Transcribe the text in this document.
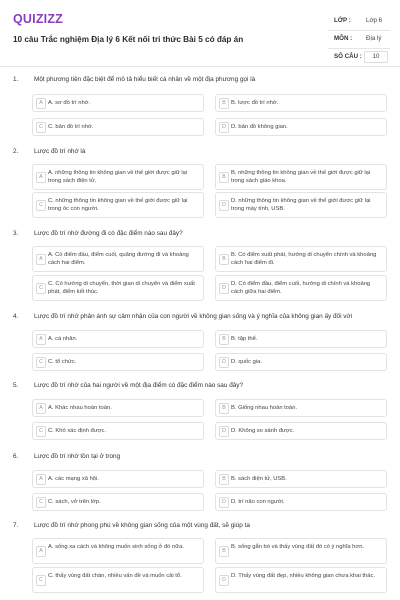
QUIZIZZ
10 câu Trắc nghiệm Địa lý 6 Kết nối tri thức Bài 5 có đáp án
LỚP : Lớp 6
MÔN : Địa lý
SỐ CÂU :	10
1. Một phương tiện đặc biệt để mô tả hiểu biết cá nhân về một địa phương gọi là
A A. sơ đồ trí nhớ.	B B. lược đồ trí nhớ.
C C. bản đồ trí nhớ.	D D. bản đồ không gian.
2. Lược đồ trí nhớ là
A
A. những thông tin không gian về thế giới được giữ lại trong sách điện tử.
B
B. những thông tin không gian về thế giới được giữ lại trong sách giáo khoa.
C
C. những thông tin không gian về thế giới được giữ lại trong óc con người.
D
D. những thông tin không gian về thế giới được giữ lại trong máy tính, USB.
3. Lược đồ trí nhớ đường đi có đặc điểm nào sau đây?
A
A. Có điểm đầu, điểm cuối, quãng đường đi và khoảng cách hai điểm.
B
B. Có điểm xuất phát, hướng di chuyển chính và khoảng cách hai điểm đi.
C
C. Có hướng di chuyển, thời gian di chuyển và điểm xuất phát, điểm kết thúc.
D
D. Có điểm đầu, điểm cuối, hướng di chính và khoảng cách giữa hai điểm.
4. Lược đồ trí nhớ phản ánh sự cảm nhận của con người về không gian sống và ý nghĩa của không gian ấy đối với
A A. cá nhân.	B B. tập thể.
C C. tổ chức.	D D. quốc gia.
5. Lược đồ trí nhớ của hai người về một địa điểm có đặc điểm nào sau đây?
A A. Khác nhau hoàn toàn.	B B. Giống nhau hoàn toàn.
C C. Khó xác định được.	D D. Không so sánh được.
6. Lược đồ trí nhớ tồn tại ở trong
A A. các mạng xã hội.	B B. sách điện tử, USB.
C C. sách, vở trên lớp.	D D. trí não con người.
7. Lược đồ trí nhớ phong phú về không gian sống của một vùng đất, sẽ giúp ta
A
A. sống xa cách và không muốn sinh sống ở đó nữa.
B
B. sống gắn bó và thấy vùng đất đó có ý nghĩa hơn.
C
C. thấy vùng đất chán, nhiều vấn đề và muốn cải tổ.
D
D. Thấy vùng đất đẹp, nhiều không gian chưa khai thác.
